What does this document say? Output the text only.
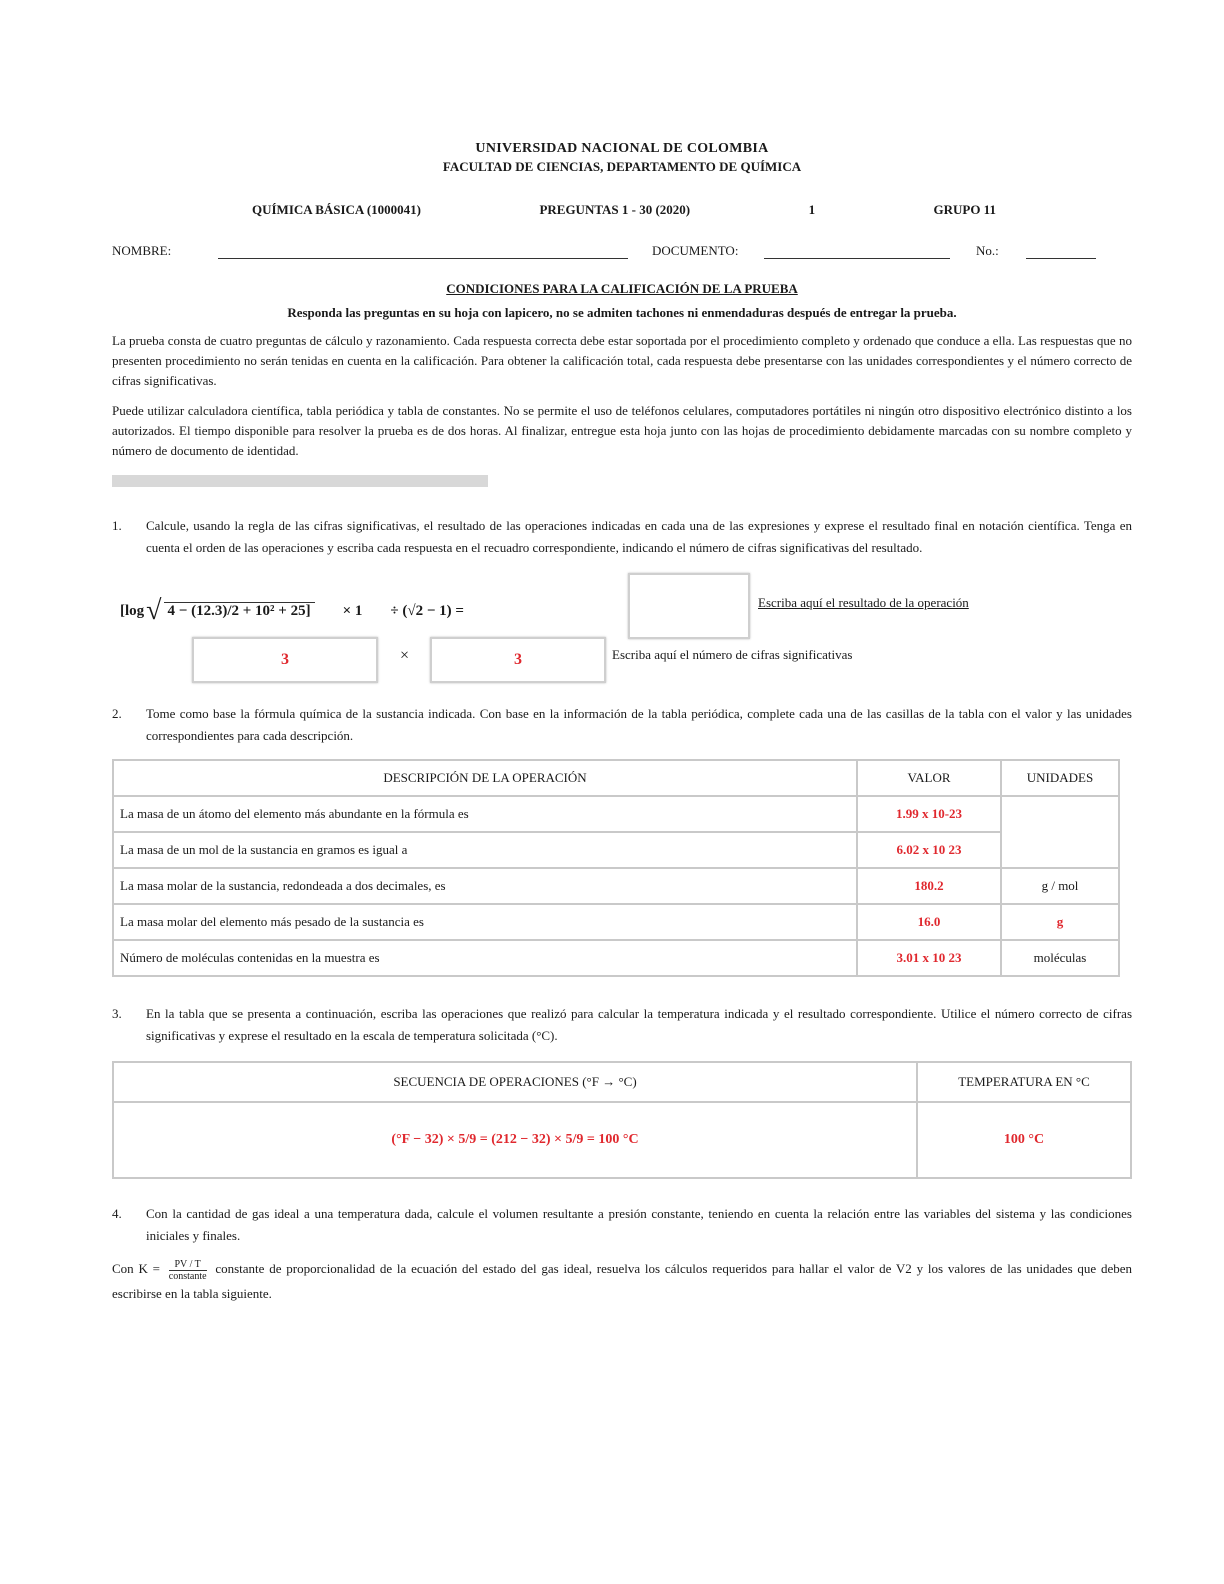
UNIVERSIDAD NACIONAL DE COLOMBIA
FACULTAD DE CIENCIAS, DEPARTAMENTO DE QUÍMICA
QUÍMICA BÁSICA (1000041)	PREGUNTAS 1 - 30 (2020)	1	GRUPO 11
NOMBRE:	DOCUMENTO:	No.:
CONDICIONES PARA LA CALIFICACIÓN DE LA PRUEBA
Responda las preguntas en su hoja con lapicero, no se admiten tachones ni enmendaduras después de entregar la prueba.

La prueba consta de cuatro preguntas de cálculo y razonamiento. Cada respuesta correcta debe estar soportada por el procedimiento completo y ordenado que conduce a ella. Las respuestas que no presenten procedimiento no serán tenidas en cuenta en la calificación. Para obtener la calificación total, cada respuesta debe presentarse con las unidades correspondientes y el número correcto de cifras significativas.

Puede utilizar calculadora científica, tabla periódica y tabla de constantes. No se permite el uso de teléfonos celulares, computadores portátiles ni ningún otro dispositivo electrónico distinto a los autorizados. El tiempo disponible para resolver la prueba es de dos horas. Al finalizar, entregue esta hoja junto con las hojas de procedimiento debidamente marcadas con su nombre completo y número de documento de identidad.

1.	Calcule, usando la regla de las cifras significativas, el resultado de las operaciones indicadas en cada una de las expresiones y exprese el resultado final en notación científica. Tenga en cuenta el orden de las operaciones y escriba cada respuesta en el recuadro correspondiente, indicando el número de cifras significativas del resultado.
[log √ 4 − (12.3)/2 + 10² + 25] × 1 ÷ (√2 − 1) =	Escriba aquí el resultado de la operación
3	×	3	Escriba aquí el número de cifras significativas
2.	Tome como base la fórmula química de la sustancia indicada. Con base en la información de la tabla periódica, complete cada una de las casillas de la tabla con el valor y las unidades correspondientes para cada descripción.
DESCRIPCIÓN DE LA OPERACIÓN	VALOR	UNIDADES
La masa de un átomo del elemento más abundante en la fórmula es	1.99 x 10-23	
La masa de un mol de la sustancia en gramos es igual a	6.02 x 10 23	
La masa molar de la sustancia, redondeada a dos decimales, es	180.2	g / mol
La masa molar del elemento más pesado de la sustancia es	16.0	g
Número de moléculas contenidas en la muestra es	3.01 x 10 23	moléculas
3.	En la tabla que se presenta a continuación, escriba las operaciones que realizó para calcular la temperatura indicada y el resultado correspondiente. Utilice el número correcto de cifras significativas y exprese el resultado en la escala de temperatura solicitada (°C).
SECUENCIA DE OPERACIONES (°F → °C)	TEMPERATURA EN °C
(°F − 32) × 5/9 = (212 − 32) × 5/9 = 100 °C	100 °C
4.	Con la cantidad de gas ideal a una temperatura dada, calcule el volumen resultante a presión constante, teniendo en cuenta la relación entre las variables del sistema y las condiciones iniciales y finales.

Con $K = \frac{PV / T}{\text{constante}}$ constante de proporcionalidad de la ecuación del estado del gas ideal, resuelva los cálculos requeridos para hallar el valor de V2 y los valores de las unidades que deben escribirse en la tabla siguiente.
